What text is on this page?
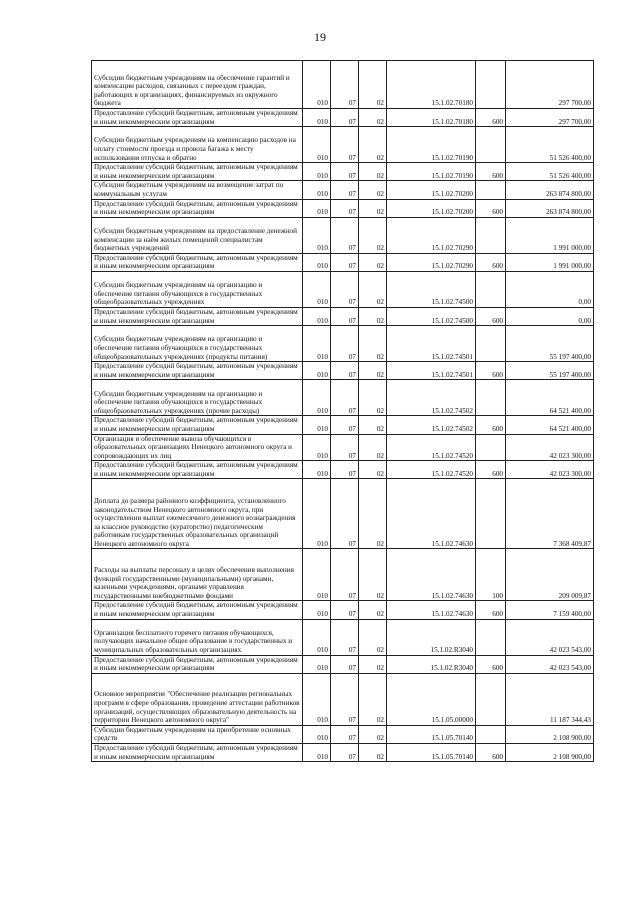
19
Субсидии бюджетным учреждениям на обеспечение гарантий и компенсации расходов, связанных с переездом граждан, работающих в организациях, финансируемых из окружного бюджета	010	07	02	15.1.02.70180		297 700,00
Предоставление субсидий бюджетным, автономным учреждениям и иным некоммерческим организациям	010	07	02	15.1.02.70180	600	297 700,00
Субсидии бюджетным учреждениям на компенсацию расходов на оплату стоимости проезда и провоза багажа к месту использования отпуска и обратно	010	07	02	15.1.02.70190		51 526 400,00
Предоставление субсидий бюджетным, автономным учреждениям и иным некоммерческим организациям	010	07	02	15.1.02.70190	600	51 526 400,00
Субсидии бюджетным учреждениям на возмещение затрат по коммунальным услугам	010	07	02	15.1.02.70200		263 874 800,00
Предоставление субсидий бюджетным, автономным учреждениям и иным некоммерческим организациям	010	07	02	15.1.02.70200	600	263 874 800,00
Субсидии бюджетным учреждениям на предоставление денежной компенсации за наём жилых помещений специалистам бюджетных учреждений	010	07	02	15.1.02.70290		1 991 000,00
Предоставление субсидий бюджетным, автономным учреждениям и иным некоммерческим организациям	010	07	02	15.1.02.70290	600	1 991 000,00
Субсидии бюджетным учреждениям на организацию и обеспечение питания обучающихся в государственных общеобразовательных учреждениях	010	07	02	15.1.02.74500		0,00
Предоставление субсидий бюджетным, автономным учреждениям и иным некоммерческим организациям	010	07	02	15.1.02.74500	600	0,00
Субсидии бюджетным учреждениям на организацию и обеспечение питания обучающихся в государственных общеобразовательных учреждениях (продукты питания)	010	07	02	15.1.02.74501		55 197 400,00
Предоставление субсидий бюджетным, автономным учреждениям и иным некоммерческим организациям	010	07	02	15.1.02.74501	600	55 197 400,00
Субсидии бюджетным учреждениям на организацию и обеспечение питания обучающихся в государственных общеобразовательных учреждениях (прочие расходы)	010	07	02	15.1.02.74502		64 521 400,00
Предоставление субсидий бюджетным, автономным учреждениям и иным некоммерческим организациям	010	07	02	15.1.02.74502	600	64 521 400,00
Организация и обеспечение вывоза обучающихся в образовательных организациях Ненецкого автономного округа и сопровождающих их лиц	010	07	02	15.1.02.74520		42 023 300,00
Предоставление субсидий бюджетным, автономным учреждениям и иным некоммерческим организациям	010	07	02	15.1.02.74520	600	42 023 300,00
Доплата до размера районного коэффициента, установленного законодательством Ненецкого автономного округа, при осуществлении выплат ежемесячного денежного вознаграждения за классное руководство (кураторство) педагогическим работникам государственных образовательных организаций Ненецкого автономного округа	010	07	02	15.1.02.74630		7 368 409,87
Расходы на выплаты персоналу в целях обеспечения выполнения функций государственными (муниципальными) органами, казенными учреждениями, органами управления государственными внебюджетными фондами	010	07	02	15.1.02.74630	100	209 009,87
Предоставление субсидий бюджетным, автономным учреждениям и иным некоммерческим организациям	010	07	02	15.1.02.74630	600	7 159 400,00
Организация бесплатного горячего питания обучающихся, получающих начальное общее образование в государственных и муниципальных образовательных организациях	010	07	02	15.1.02.R3040		42 023 543,00
Предоставление субсидий бюджетным, автономным учреждениям и иным некоммерческим организациям	010	07	02	15.1.02.R3040	600	42 023 543,00
Основное мероприятие "Обеспечение реализации региональных программ в сфере образования, проведение аттестации работников организаций, осуществляющих образовательную деятельность на территории Ненецкого автономного округа"	010	07	02	15.1.05.00000		11 187 344,43
Субсидии бюджетным учреждениям на приобретение основных средств	010	07	02	15.1.05.70140		2 108 900,00
Предоставление субсидий бюджетным, автономным учреждениям и иным некоммерческим организациям	010	07	02	15.1.05.70140	600	2 108 900,00
